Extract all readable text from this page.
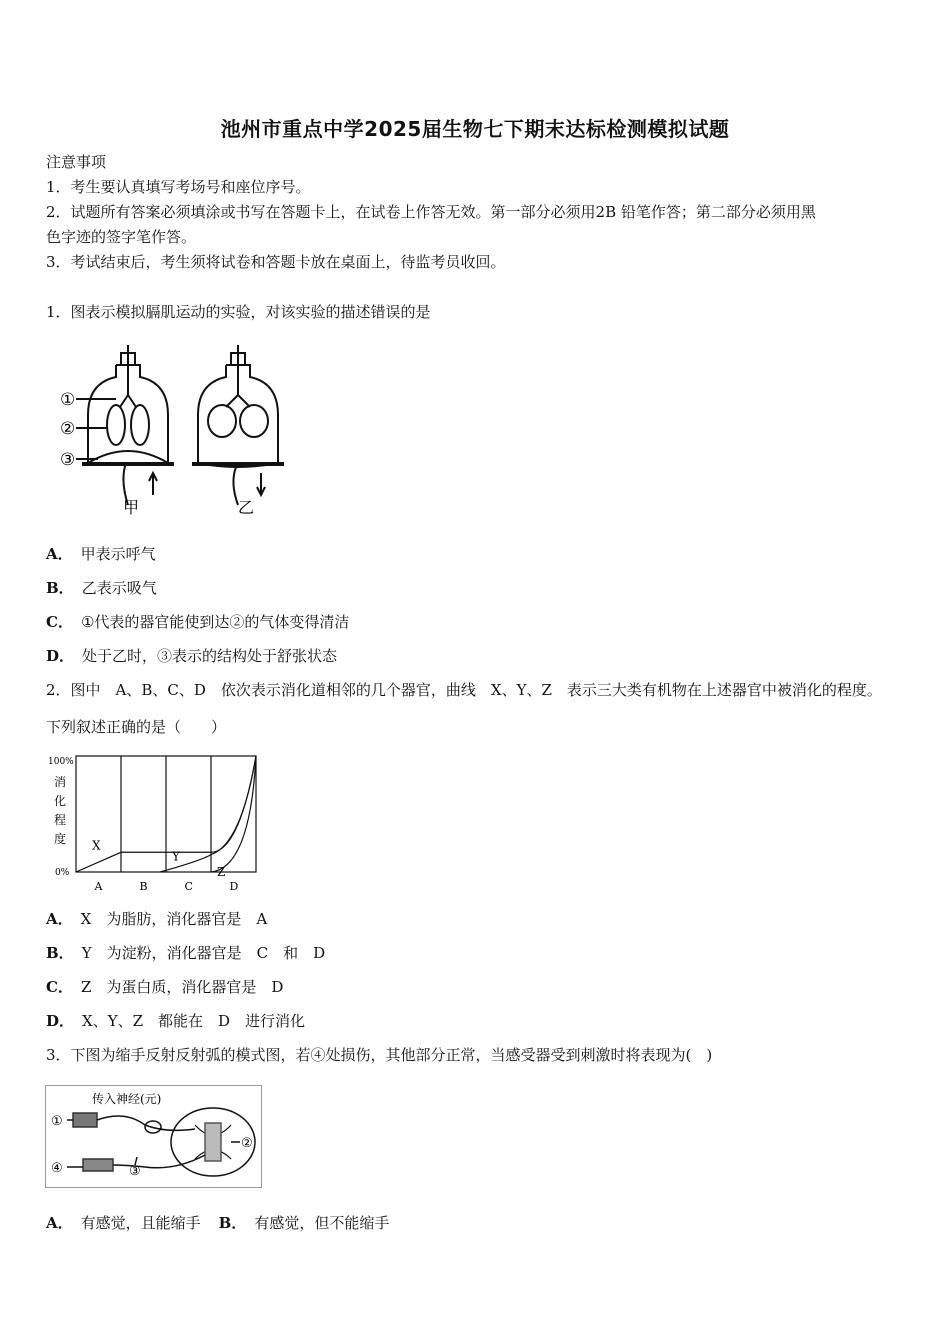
池州市重点中学2025届生物七下期末达标检测模拟试题
注意事项
1．考生要认真填写考场号和座位序号。
2．试题所有答案必须填涂或书写在答题卡上，在试卷上作答无效。第一部分必须用2B 铅笔作答；第二部分必须用黑
色字迹的签字笔作答。
3．考试结束后，考生须将试卷和答题卡放在桌面上，待监考员收回。
1．图表示模拟膈肌运动的实验，对该实验的描述错误的是
①
②
③
甲	乙
A． 甲表示呼气
B． 乙表示吸气
C． ①代表的器官能使到达②的气体变得清洁
D． 处于乙时，③表示的结构处于舒张状态
2．图中　A、B、C、D　依次表示消化道相邻的几个器官，曲线　X、Y、Z　表示三大类有机物在上述器官中被消化的程度。
下列叙述正确的是（　　）
100%
0%
消
化
程
度
A	B	C	D
X
Y
Z
A． X　为脂肪，消化器官是　A
B． Y　为淀粉，消化器官是　C　和　D
C． Z　为蛋白质，消化器官是　D
D． X、Y、Z　都能在　D　进行消化
3．下图为缩手反射反射弧的模式图，若④处损伤，其他部分正常，当感受器受到刺激时将表现为(　)
传入神经(元)
①
②
③
④
A． 有感觉，且能缩手 B． 有感觉，但不能缩手
